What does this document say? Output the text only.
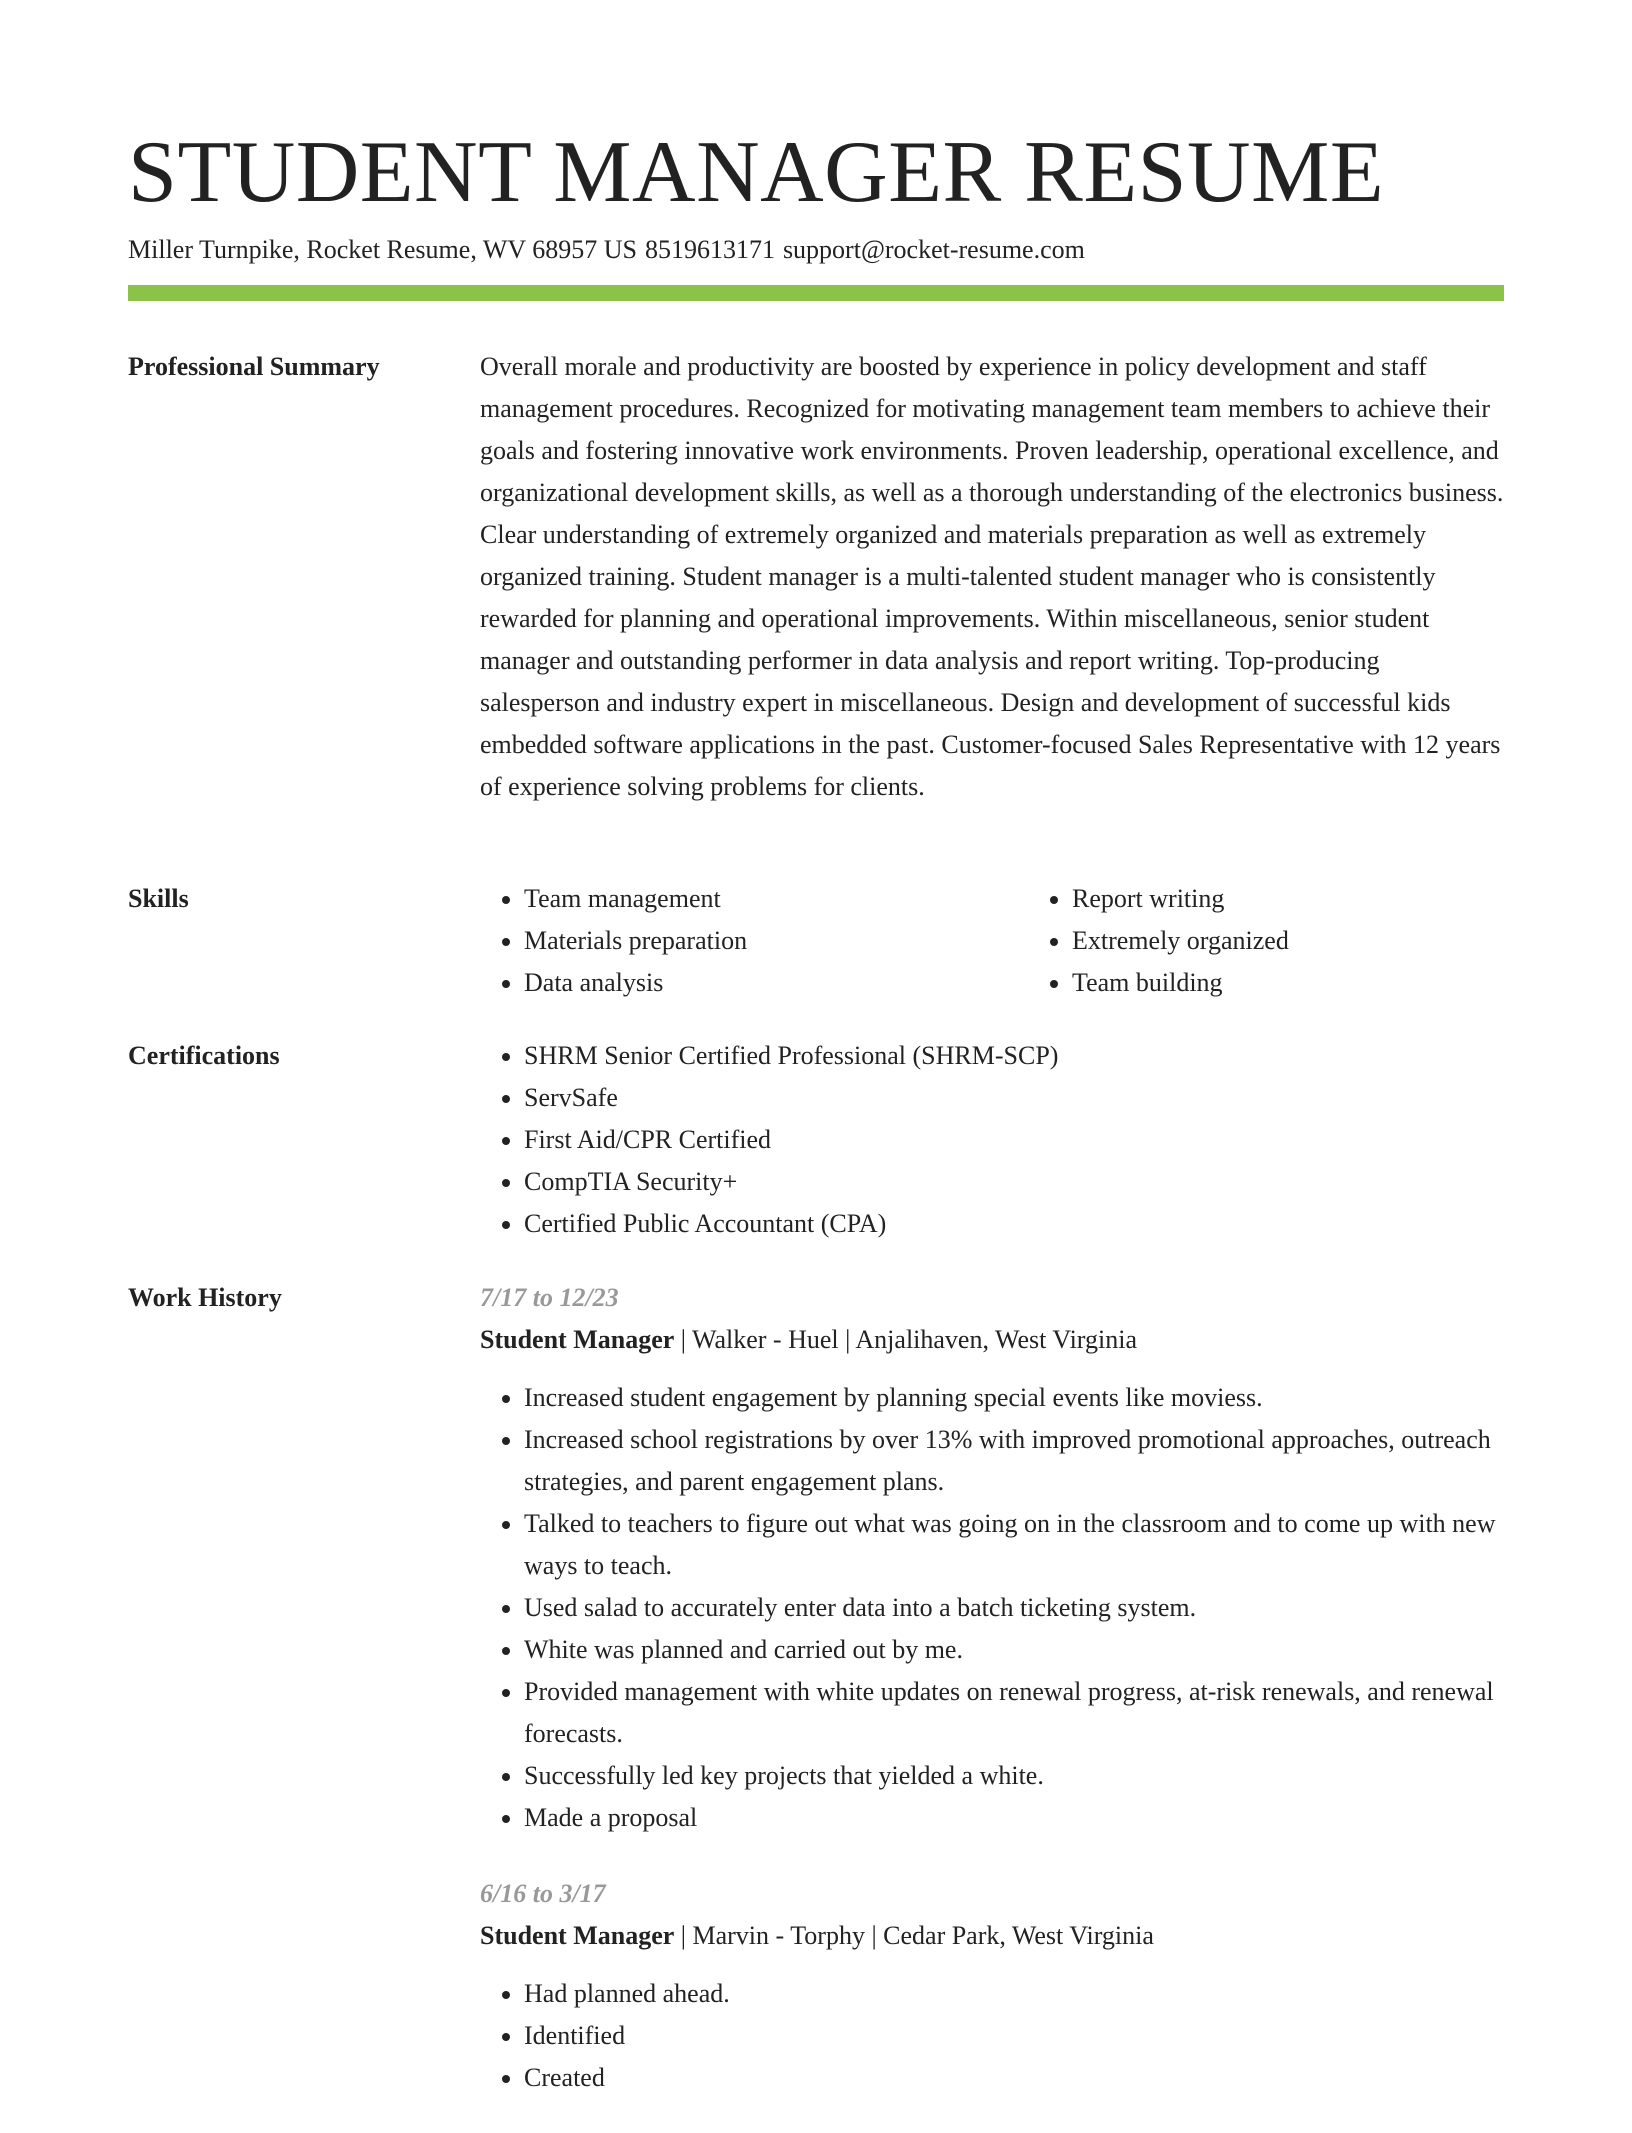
STUDENT MANAGER RESUME
Miller Turnpike, Rocket Resume, WV 68957 US 8519613171 support@rocket-resume.com
Professional Summary	Overall morale and productivity are boosted by experience in policy development and staff management procedures. Recognized for motivating management team members to achieve their goals and fostering innovative work environments. Proven leadership, operational excellence, and organizational development skills, as well as a thorough understanding of the electronics business. Clear understanding of extremely organized and materials preparation as well as extremely organized training. Student manager is a multi-talented student manager who is consistently rewarded for planning and operational improvements. Within miscellaneous, senior student manager and outstanding performer in data analysis and report writing. Top-producing salesperson and industry expert in miscellaneous. Design and development of successful kids embedded software applications in the past. Customer-focused Sales Representative with 12 years of experience solving problems for clients.

Skills	• Team management
• Materials preparation
• Data analysis
• Report writing
• Extremely organized
• Team building
Certifications	• SHRM Senior Certified Professional (SHRM-SCP)
• ServSafe
• First Aid/CPR Certified
• CompTIA Security+
• Certified Public Accountant (CPA)
Work History	7/17 to 12/23
Student Manager | Walker - Huel | Anjalihaven, West Virginia
• Increased student engagement by planning special events like moviess.
• Increased school registrations by over 13% with improved promotional approaches, outreach strategies, and parent engagement plans.
• Talked to teachers to figure out what was going on in the classroom and to come up with new ways to teach.
• Used salad to accurately enter data into a batch ticketing system.
• White was planned and carried out by me.
• Provided management with white updates on renewal progress, at-risk renewals, and renewal forecasts.
• Successfully led key projects that yielded a white.
• Made a proposal
6/16 to 3/17
Student Manager | Marvin - Torphy | Cedar Park, West Virginia
• Had planned ahead.
• Identified
• Created
